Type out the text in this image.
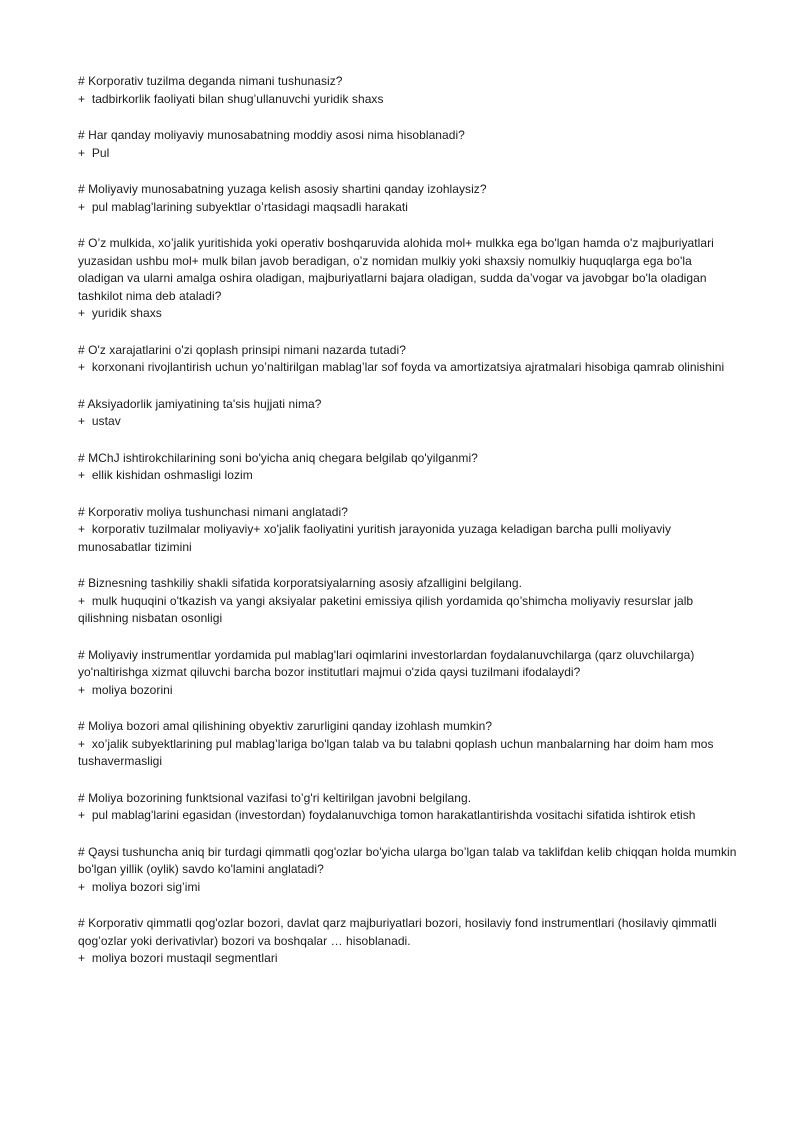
# Korporativ tuzilma deganda nimani tushunasiz?
+  tadbirkorlik faoliyati bilan shug’ullanuvchi yuridik shaxs
# Har qanday moliyaviy munosabatning moddiy asosi nima hisoblanadi?
+  Pul
# Moliyaviy munosabatning yuzaga kelish asosiy shartini qanday izohlaysiz?
+  pul mablag'larining subyektlar o’rtasidagi maqsadli harakati
# O’z mulkida, xo’jalik yuritishida yoki operativ boshqaruvida alohida mol+ mulkka ega bo'lgan hamda o'z majburiyatlari yuzasidan ushbu mol+ mulk bilan javob beradigan, o’z nomidan mulkiy yoki shaxsiy nomulkiy huquqlarga ega bo'la oladigan va ularni amalga oshira oladigan, majburiyatlarni bajara oladigan, sudda da’vogar va javobgar bo'la oladigan tashkilot nima deb ataladi?
+  yuridik shaxs
# O'z xarajatlarini o'zi qoplash prinsipi nimani nazarda tutadi?
+  korxonani rivojlantirish uchun yo’naltirilgan mablag’lar sof foyda va amortizatsiya ajratmalari hisobiga qamrab olinishini
# Aksiyadorlik jamiyatining ta'sis hujjati nima?
+  ustav
# MChJ ishtirokchilarining soni bo'yicha aniq chegara belgilab qo'yilganmi?
+  ellik kishidan oshmasligi lozim
# Korporativ moliya tushunchasi nimani anglatadi?
+  korporativ tuzilmalar moliyaviy+ xo'jalik faoliyatini yuritish jarayonida yuzaga keladigan barcha pulli moliyaviy munosabatlar tizimini
# Biznesning tashkiliy shakli sifatida korporatsiyalarning asosiy afzalligini belgilang.
+  mulk huquqini o'tkazish va yangi aksiyalar paketini emissiya qilish yordamida qo’shimcha moliyaviy resurslar jalb qilishning nisbatan osonligi
# Moliyaviy instrumentlar yordamida pul mablag'lari oqimlarini investorlardan foydalanuvchilarga (qarz oluvchilarga) yo'naltirishga xizmat qiluvchi barcha bozor institutlari majmui o'zida qaysi tuzilmani ifodalaydi?
+  moliya bozorini
# Moliya bozori amal qilishining obyektiv zarurligini qanday izohlash mumkin?
+  xo’jalik subyektlarining pul mablag’lariga bo'lgan talab va bu talabni qoplash uchun manbalarning har doim ham mos tushavermasligi
# Moliya bozorining funktsional vazifasi to’g'ri keltirilgan javobni belgilang.
+  pul mablag'larini egasidan (investordan) foydalanuvchiga tomon harakatlantirishda vositachi sifatida ishtirok etish
# Qaysi tushuncha aniq bir turdagi qimmatli qog'ozlar bo'yicha ularga bo’lgan talab va taklifdan kelib chiqqan holda mumkin bo'lgan yillik (oylik) savdo ko'lamini anglatadi?
+  moliya bozori sig’imi
# Korporativ qimmatli qog'ozlar bozori, davlat qarz majburiyatlari bozori, hosilaviy fond instrumentlari (hosilaviy qimmatli qog’ozlar yoki derivativlar) bozori va boshqalar … hisoblanadi.
+  moliya bozori mustaqil segmentlari
